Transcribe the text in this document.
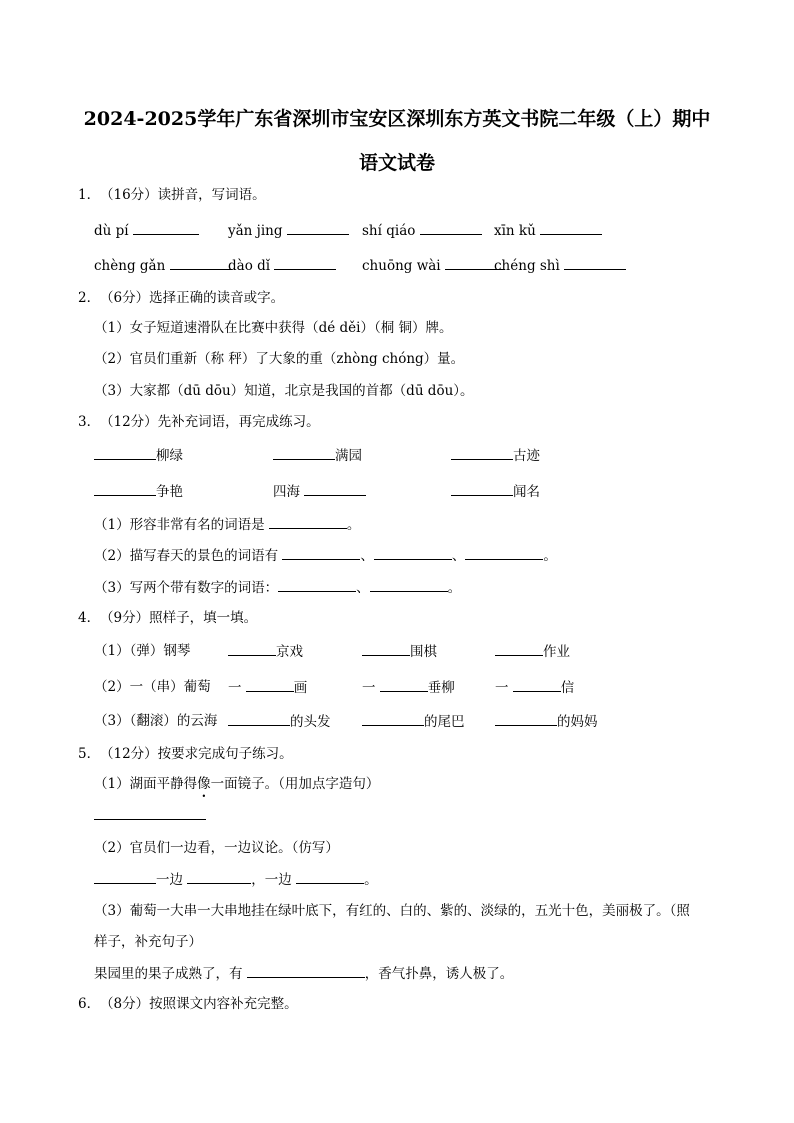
2024-2025学年广东省深圳市宝安区深圳东方英文书院二年级（上）期中
语文试卷
1． （16分）读拼音，写词语。
dù pí	yǎn jing	shí qiáo	xīn kǔ
chèng gǎn	dào dǐ	chuōng wài	chéng shì
2． （6分）选择正确的读音或字。
（1）女子短道速滑队在比赛中获得（dé děi）（桐 铜）牌。
（2）官员们重新（称 秤）了大象的重（zhòng chóng）量。
（3）大家都（dū dōu）知道，北京是我国的首都（dū dōu）。
3． （12分）先补充词语，再完成练习。
柳绿	满园	古迹
争艳	四海	闻名
（1）形容非常有名的词语是	。
（2）描写春天的景色的词语有	、	、	。
（3）写两个带有数字的词语：	、	。
4． （9分）照样子，填一填。
（1）（弹）钢琴	京戏	围棋	作业
（2）一（串）葡萄 一	画	一	垂柳	一	信
（3）（翻滚）的云海	的头发	的尾巴	的妈妈
5． （12分）按要求完成句子练习。
（1）湖面平静得像一面镜子。（用加点字造句）
（2）官员们一边看，一边议论。（仿写）
一边	，一边	。
（3）葡萄一大串一大串地挂在绿叶底下，有红的、白的、紫的、淡绿的，五光十色，美丽极了。（照
样子，补充句子）
果园里的果子成熟了，有	，香气扑鼻，诱人极了。
6． （8分）按照课文内容补充完整。
